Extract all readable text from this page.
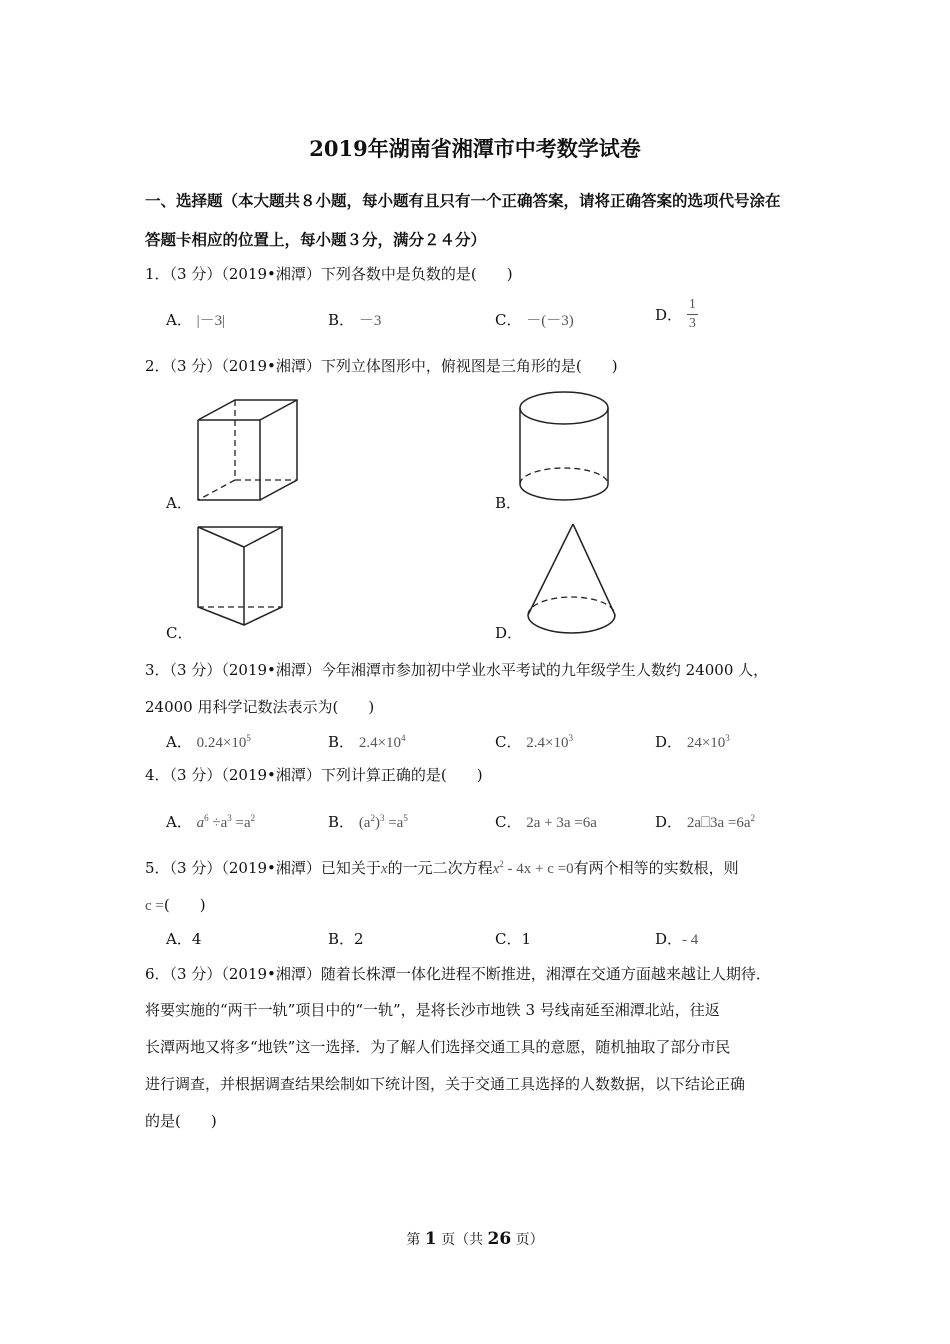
2019年湖南省湘潭市中考数学试卷
一、选择题（本大题共８小题，每小题有且只有一个正确答案，请将正确答案的选项代号涂在
答题卡相应的位置上，每小题３分，满分２４分）
1．（3 分）（2019•湘潭）下列各数中是负数的是(　　)
A． |－3|	B． －3	C． －(－3)	D． $\frac{1}{3}$
2．（3 分）（2019•湘潭）下列立体图形中，俯视图是三角形的是(　　)
A．	B．
C．	D．
3．（3 分）（2019•湘潭）今年湘潭市参加初中学业水平考试的九年级学生人数约 24000 人，
24000 用科学记数法表示为(　　)
A． $0.24\times 10^5$	B． $2.4\times 10^4$	C． $2.4\times 10^3$	D． $24\times 10^3$
4．（3 分）（2019•湘潭）下列计算正确的是(　　)
A． $a^6 \div a^3 =a^2$	B． $(a^2)^3 =a^5$	C． 2a + 3a =6a	D． 2a⎕3a $=6a^2$
5．（3 分）（2019•湘潭）已知关于x的一元二次方程$x^2 - 4x + c =0$有两个相等的实数根，则
c =(　　)
A．4	B．2	C．1	D．- 4
6．（3 分）（2019•湘潭）随着长株潭一体化进程不断推进，湘潭在交通方面越来越让人期待．
将要实施的“两干一轨”项目中的“一轨”，是将长沙市地铁 3 号线南延至湘潭北站，往返
长潭两地又将多“地铁”这一选择．为了解人们选择交通工具的意愿，随机抽取了部分市民
进行调查，并根据调查结果绘制如下统计图，关于交通工具选择的人数数据，以下结论正确
的是(　　)
第 1 页（共 26 页）
